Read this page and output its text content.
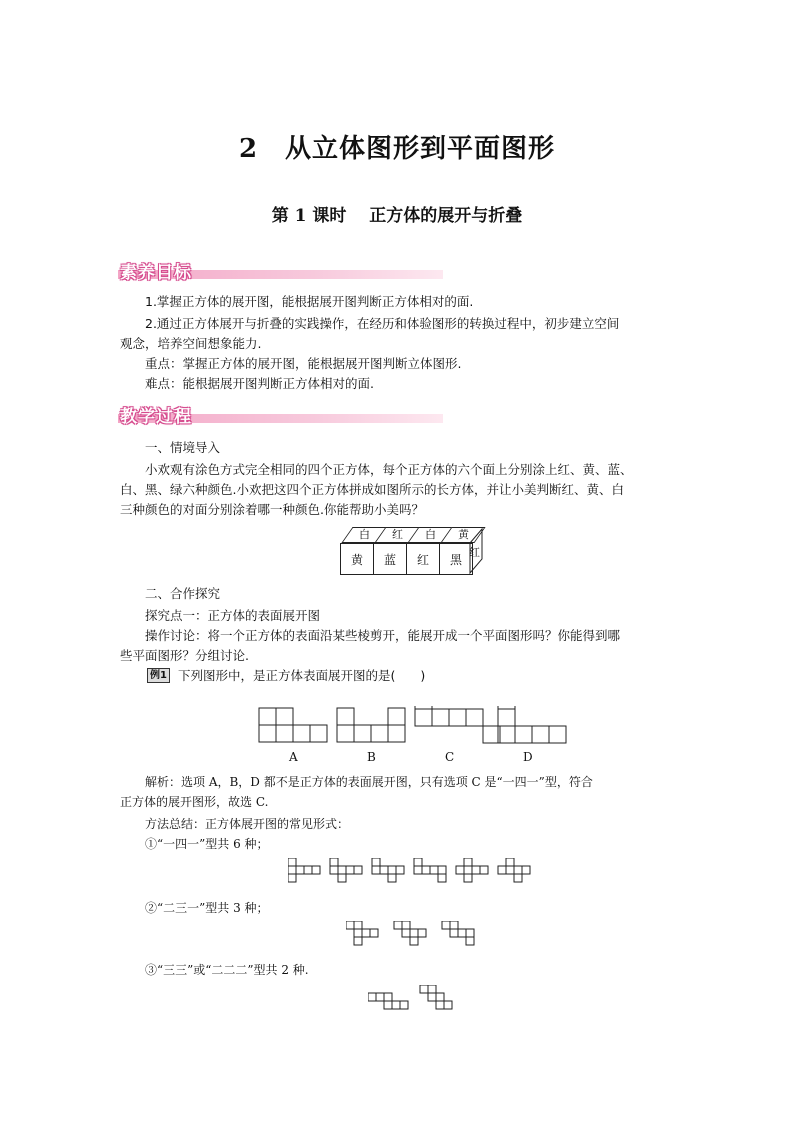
2　从立体图形到平面图形
第 1 课时　 正方体的展开与折叠
素养目标
1.掌握正方体的展开图，能根据展开图判断正方体相对的面.
2.通过正方体展开与折叠的实践操作，在经历和体验图形的转换过程中，初步建立空间
观念，培养空间想象能力.
重点：掌握正方体的展开图，能根据展开图判断立体图形.
难点：能根据展开图判断正方体相对的面.
教学过程
一、情境导入
小欢观有涂色方式完全相同的四个正方体，每个正方体的六个面上分别涂上红、黄、蓝、
白、黑、绿六种颜色.小欢把这四个正方体拼成如图所示的长方体，并让小美判断红、黄、白
三种颜色的对面分别涂着哪一种颜色.你能帮助小美吗？
白	红	白	黄
黄	蓝	红	黑 红
二、合作探究
探究点一：正方体的表面展开图
操作讨论：将一个正方体的表面沿某些棱剪开，能展开成一个平面图形吗？你能得到哪
些平面图形？分组讨论.
例1 下列图形中，是正方体表面展开图的是(　　)
A	B	C	D
解析：选项 A，B，D 都不是正方体的表面展开图，只有选项 C 是“一四一”型，符合
正方体的展开图形，故选 C.
方法总结：正方体展开图的常见形式：
①“一四一”型共 6 种；
②“二三一”型共 3 种；
③“三三”或“二二二”型共 2 种.
